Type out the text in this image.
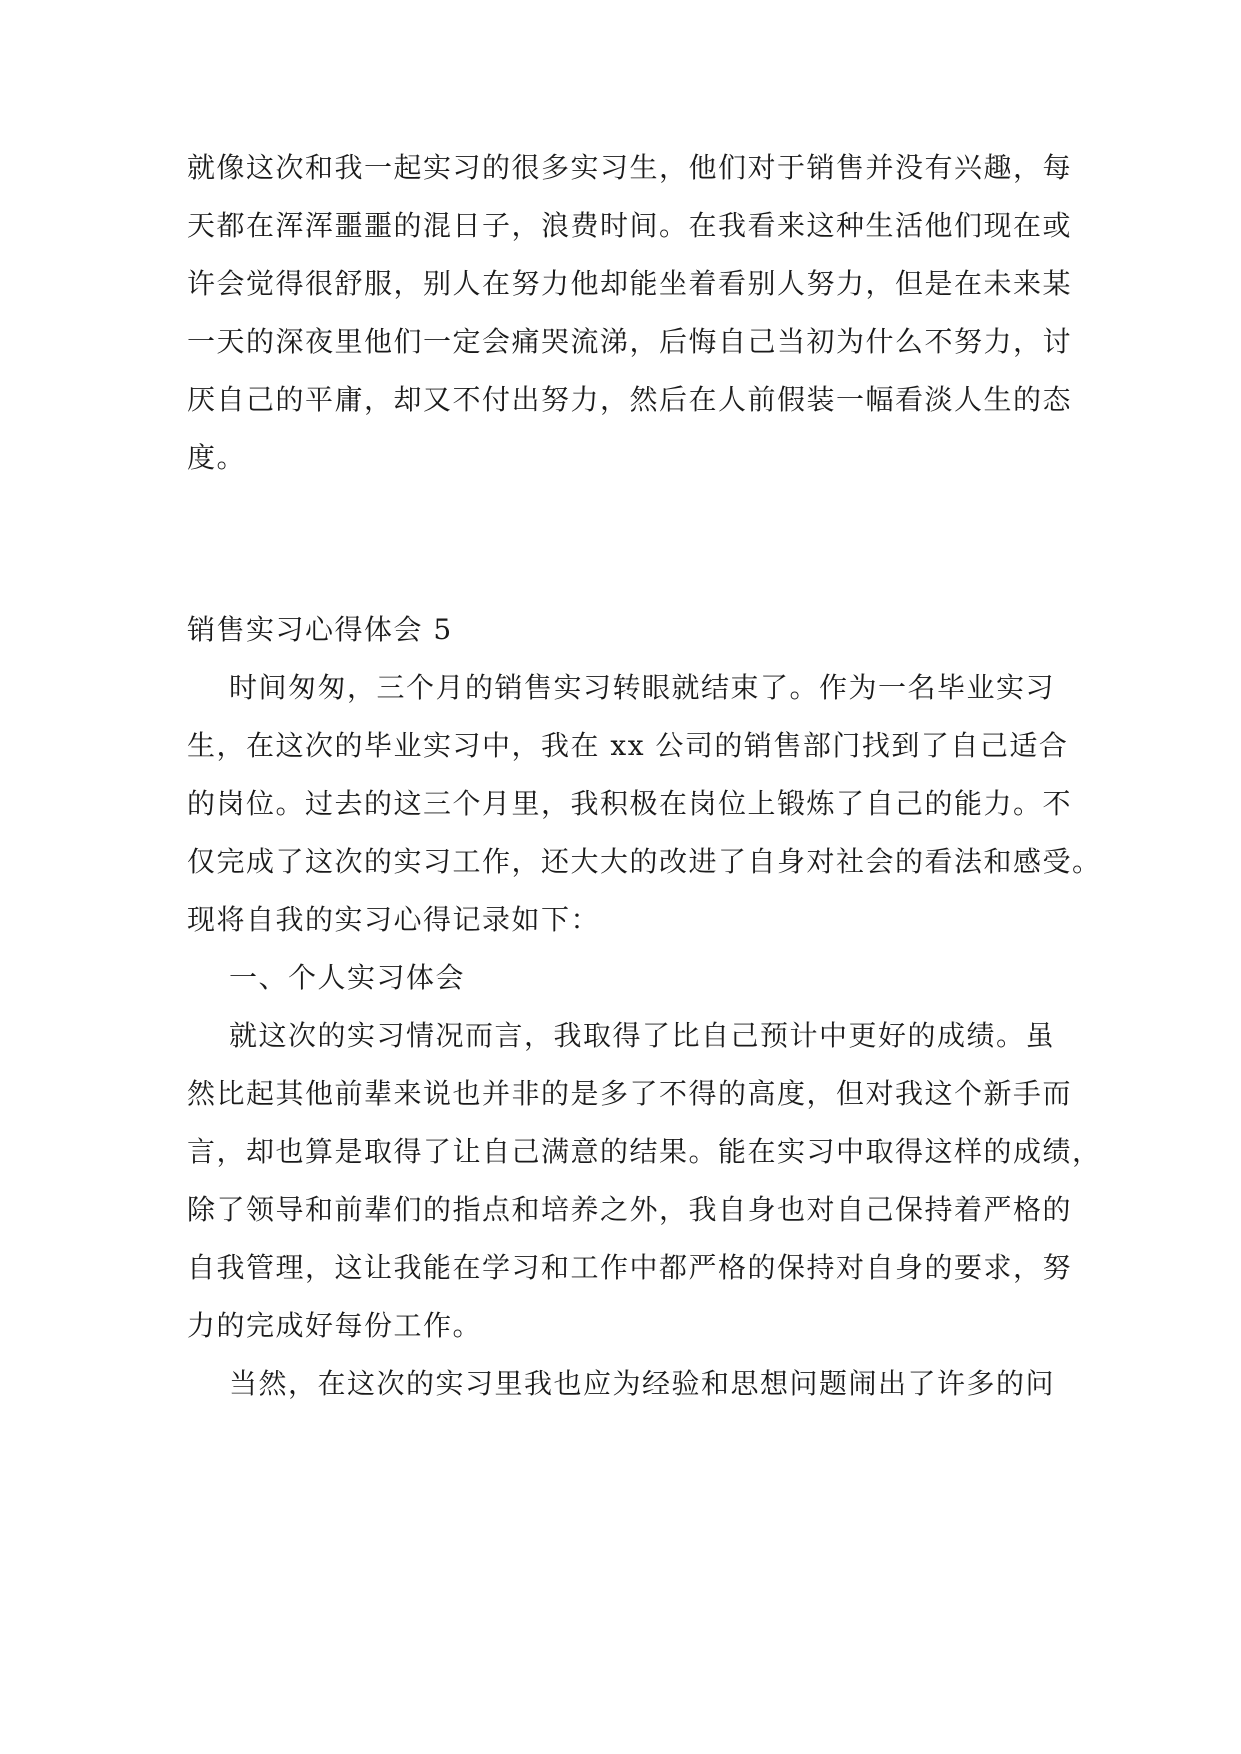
就像这次和我一起实习的很多实习生，他们对于销售并没有兴趣，每
天都在浑浑噩噩的混日子，浪费时间。在我看来这种生活他们现在或
许会觉得很舒服，别人在努力他却能坐着看别人努力，但是在未来某
一天的深夜里他们一定会痛哭流涕，后悔自己当初为什么不努力，讨
厌自己的平庸，却又不付出努力，然后在人前假装一幅看淡人生的态
度。
销售实习心得体会 5
时间匆匆，三个月的销售实习转眼就结束了。作为一名毕业实习
生，在这次的毕业实习中，我在 xx 公司的销售部门找到了自己适合
的岗位。过去的这三个月里，我积极在岗位上锻炼了自己的能力。不
仅完成了这次的实习工作，还大大的改进了自身对社会的看法和感受。
现将自我的实习心得记录如下：
一、个人实习体会
就这次的实习情况而言，我取得了比自己预计中更好的成绩。虽
然比起其他前辈来说也并非的是多了不得的高度，但对我这个新手而
言，却也算是取得了让自己满意的结果。能在实习中取得这样的成绩，
除了领导和前辈们的指点和培养之外，我自身也对自己保持着严格的
自我管理，这让我能在学习和工作中都严格的保持对自身的要求，努
力的完成好每份工作。
当然，在这次的实习里我也应为经验和思想问题闹出了许多的问
